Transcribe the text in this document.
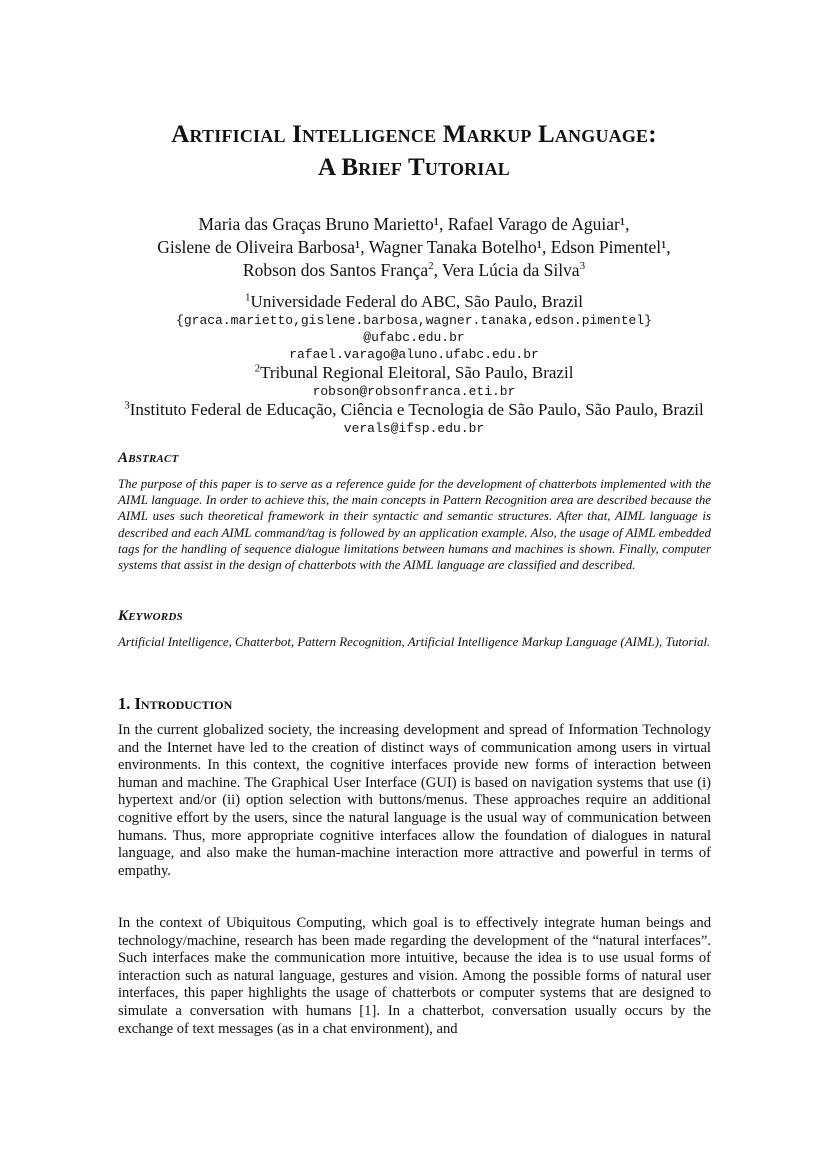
Artificial Intelligence Markup Language:
A Brief Tutorial
Maria das Graças Bruno Marietto¹, Rafael Varago de Aguiar¹,
Gislene de Oliveira Barbosa¹, Wagner Tanaka Botelho¹, Edson Pimentel¹,
Robson dos Santos França$^2$, Vera Lúcia da Silva$^3$
$^1$Universidade Federal do ABC, São Paulo, Brazil
{graca.marietto,gislene.barbosa,wagner.tanaka,edson.pimentel}
@ufabc.edu.br
rafael.varago@aluno.ufabc.edu.br
$^2$Tribunal Regional Eleitoral, São Paulo, Brazil
robson@robsonfranca.eti.br
$^3$Instituto Federal de Educação, Ciência e Tecnologia de São Paulo, São Paulo, Brazil
verals@ifsp.edu.br
Abstract
The purpose of this paper is to serve as a reference guide for the development of chatterbots implemented with the AIML language. In order to achieve this, the main concepts in Pattern Recognition area are described because the AIML uses such theoretical framework in their syntactic and semantic structures. After that, AIML language is described and each AIML command/tag is followed by an application example. Also, the usage of AIML embedded tags for the handling of sequence dialogue limitations between humans and machines is shown. Finally, computer systems that assist in the design of chatterbots with the AIML language are classified and described.
Keywords
Artificial Intelligence, Chatterbot, Pattern Recognition, Artificial Intelligence Markup Language (AIML), Tutorial.
1. Introduction
In the current globalized society, the increasing development and spread of Information Technology and the Internet have led to the creation of distinct ways of communication among users in virtual environments. In this context, the cognitive interfaces provide new forms of interaction between human and machine. The Graphical User Interface (GUI) is based on navigation systems that use (i) hypertext and/or (ii) option selection with buttons/menus. These approaches require an additional cognitive effort by the users, since the natural language is the usual way of communication between humans. Thus, more appropriate cognitive interfaces allow the foundation of dialogues in natural language, and also make the human-machine interaction more attractive and powerful in terms of empathy.
In the context of Ubiquitous Computing, which goal is to effectively integrate human beings and technology/machine, research has been made regarding the development of the “natural interfaces”. Such interfaces make the communication more intuitive, because the idea is to use usual forms of interaction such as natural language, gestures and vision. Among the possible forms of natural user interfaces, this paper highlights the usage of chatterbots or computer systems that are designed to simulate a conversation with humans [1]. In a chatterbot, conversation usually occurs by the exchange of text messages (as in a chat environment), and
